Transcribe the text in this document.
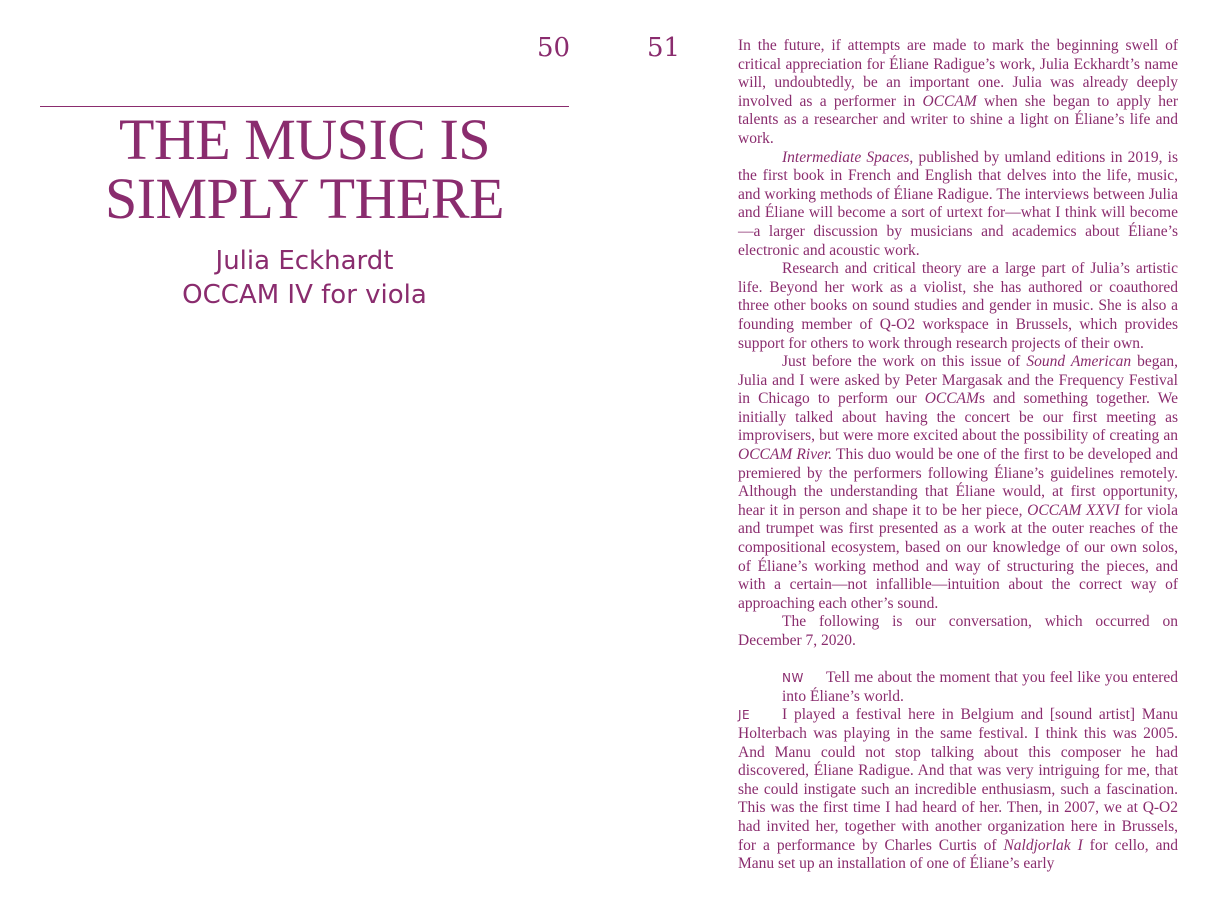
50	51
THE MUSIC IS
SIMPLY THERE
Julia Eckhardt
OCCAM IV for viola

In the future, if attempts are made to mark the beginning swell of critical appreciation for Éliane Radigue’s work, Julia Eckhardt’s name will, undoubtedly, be an important one. Julia was already deeply involved as a performer in OCCAM when she began to apply her talents as a researcher and writer to shine a light on Éliane’s life and work.

Intermediate Spaces, published by umland editions in 2019, is the first book in French and English that delves into the life, music, and working methods of Éliane Radigue. The interviews between Julia and Éliane will become a sort of urtext for—what I think will become—a larger discussion by musicians and academics about Éliane’s electronic and acoustic work.

Research and critical theory are a large part of Julia’s artistic life. Beyond her work as a violist, she has authored or coauthored three other books on sound studies and gender in music. She is also a founding member of Q-O2 workspace in Brussels, which provides support for others to work through research projects of their own.

Just before the work on this issue of Sound American began, Julia and I were asked by Peter Margasak and the Frequency Festival in Chicago to perform our OCCAMs and something together. We initially talked about having the concert be our first meeting as improvisers, but were more excited about the possibility of creating an OCCAM River. This duo would be one of the first to be developed and premiered by the performers following Éliane’s guidelines remotely. Although the understanding that Éliane would, at first opportunity, hear it in person and shape it to be her piece, OCCAM XXVI for viola and trumpet was first presented as a work at the outer reaches of the compositional ecosystem, based on our knowledge of our own solos, of Éliane’s working method and way of structuring the pieces, and with a certain—not infallible—intuition about the correct way of approaching each other’s sound.

The following is our conversation, which occurred on December 7, 2020.

NW Tell me about the moment that you feel like you entered into Éliane’s world.

JE I played a festival here in Belgium and [sound artist] Manu Holterbach was playing in the same festival. I think this was 2005. And Manu could not stop talking about this composer he had discovered, Éliane Radigue. And that was very intriguing for me, that she could instigate such an incredible enthusiasm, such a fascination. This was the first time I had heard of her. Then, in 2007, we at Q-O2 had invited her, together with another organization here in Brussels, for a performance by Charles Curtis of Naldjorlak I for cello, and Manu set up an installation of one of Éliane’s early
